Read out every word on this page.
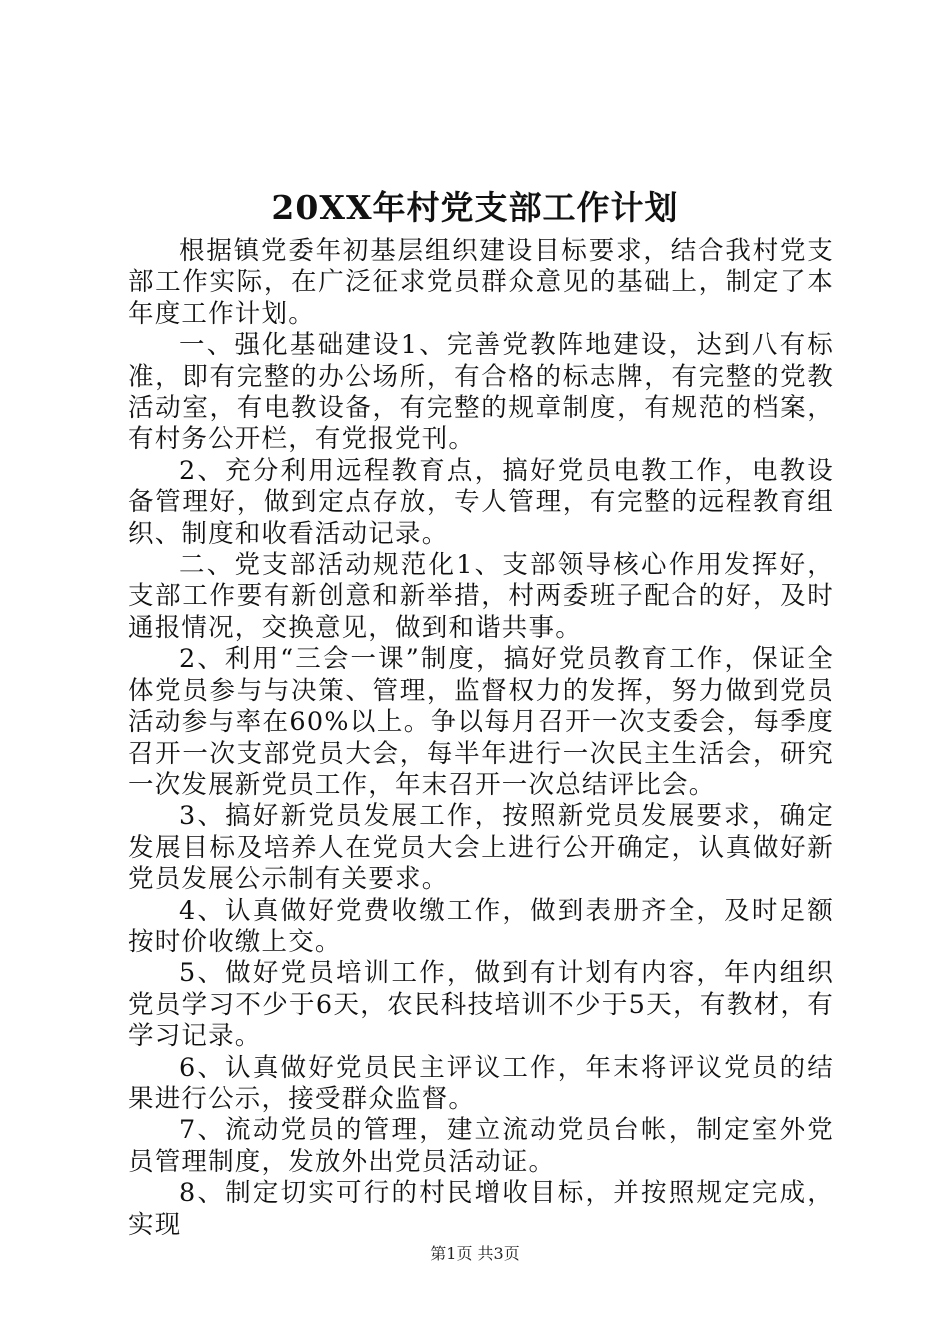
20XX年村党支部工作计划

根据镇党委年初基层组织建设目标要求，结合我村党支部工作实际，在广泛征求党员群众意见的基础上，制定了本年度工作计划。

一、强化基础建设1、完善党教阵地建设，达到八有标准，即有完整的办公场所，有合格的标志牌，有完整的党教活动室，有电教设备，有完整的规章制度，有规范的档案，有村务公开栏，有党报党刊。

2、充分利用远程教育点，搞好党员电教工作，电教设备管理好，做到定点存放，专人管理，有完整的远程教育组织、制度和收看活动记录。

二、党支部活动规范化1、支部领导核心作用发挥好，支部工作要有新创意和新举措，村两委班子配合的好，及时通报情况，交换意见，做到和谐共事。

2、利用“三会一课”制度，搞好党员教育工作，保证全体党员参与与决策、管理，监督权力的发挥，努力做到党员活动参与率在60%以上。争以每月召开一次支委会，每季度召开一次支部党员大会，每半年进行一次民主生活会，研究一次发展新党员工作，年末召开一次总结评比会。

3、搞好新党员发展工作，按照新党员发展要求，确定发展目标及培养人在党员大会上进行公开确定，认真做好新党员发展公示制有关要求。

4、认真做好党费收缴工作，做到表册齐全，及时足额按时价收缴上交。

5、做好党员培训工作，做到有计划有内容，年内组织党员学习不少于6天，农民科技培训不少于5天，有教材，有学习记录。

6、认真做好党员民主评议工作，年末将评议党员的结果进行公示，接受群众监督。

7、流动党员的管理，建立流动党员台帐，制定室外党员管理制度，发放外出党员活动证。

8、制定切实可行的村民增收目标，并按照规定完成，实现

第1页 共3页
